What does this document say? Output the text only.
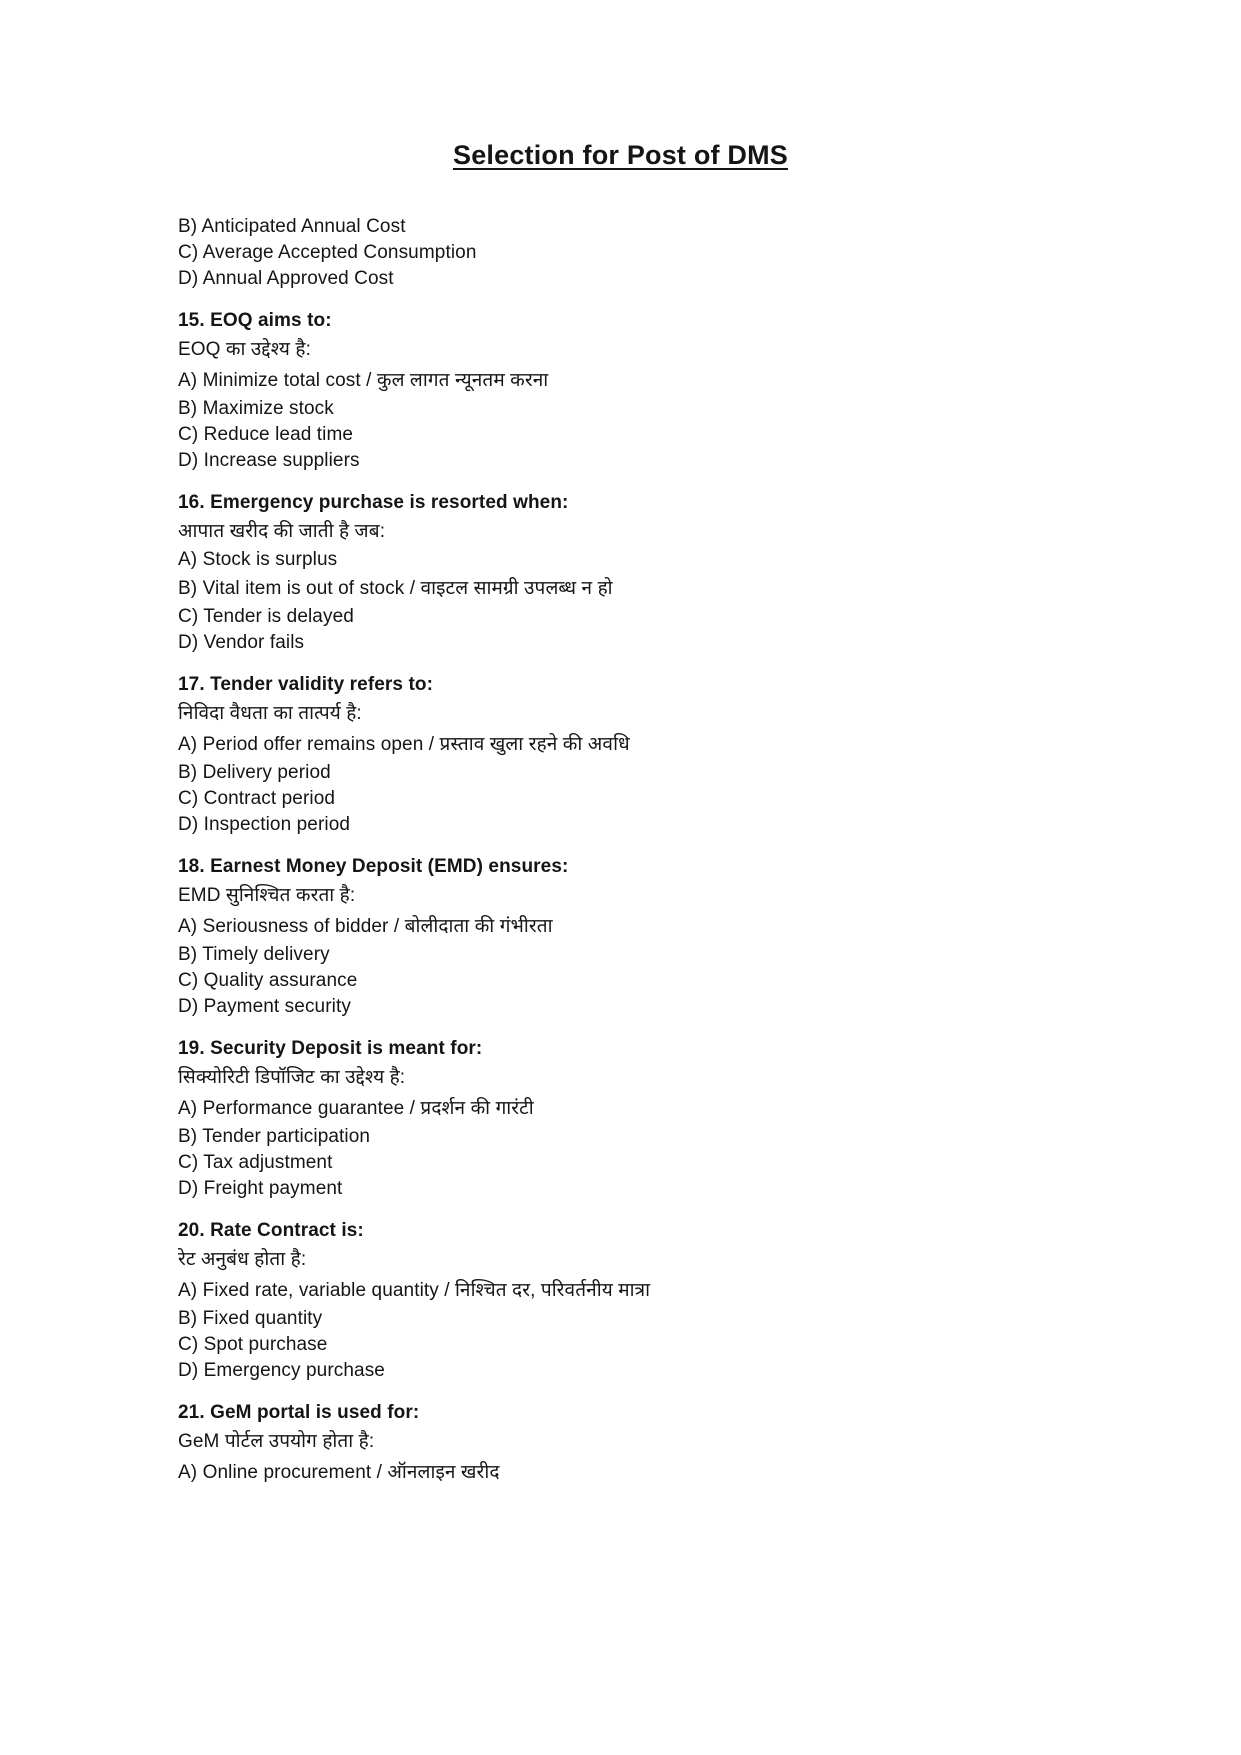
Selection for Post of DMS

B) Anticipated Annual Cost

C) Average Accepted Consumption

D) Annual Approved Cost

15. EOQ aims to:

EOQ का उद्देश्य है:

A) Minimize total cost / कुल लागत न्यूनतम करना

B) Maximize stock

C) Reduce lead time

D) Increase suppliers

16. Emergency purchase is resorted when:

आपात खरीद की जाती है जब:

A) Stock is surplus

B) Vital item is out of stock / वाइटल सामग्री उपलब्ध न हो

C) Tender is delayed

D) Vendor fails

17. Tender validity refers to:

निविदा वैधता का तात्पर्य है:

A) Period offer remains open / प्रस्ताव खुला रहने की अवधि

B) Delivery period

C) Contract period

D) Inspection period

18. Earnest Money Deposit (EMD) ensures:

EMD सुनिश्चित करता है:

A) Seriousness of bidder / बोलीदाता की गंभीरता

B) Timely delivery

C) Quality assurance

D) Payment security

19. Security Deposit is meant for:

सिक्योरिटी डिपॉजिट का उद्देश्य है:

A) Performance guarantee / प्रदर्शन की गारंटी

B) Tender participation

C) Tax adjustment

D) Freight payment

20. Rate Contract is:

रेट अनुबंध होता है:

A) Fixed rate, variable quantity / निश्चित दर, परिवर्तनीय मात्रा

B) Fixed quantity

C) Spot purchase

D) Emergency purchase

21. GeM portal is used for:

GeM पोर्टल उपयोग होता है:

A) Online procurement / ऑनलाइन खरीद
